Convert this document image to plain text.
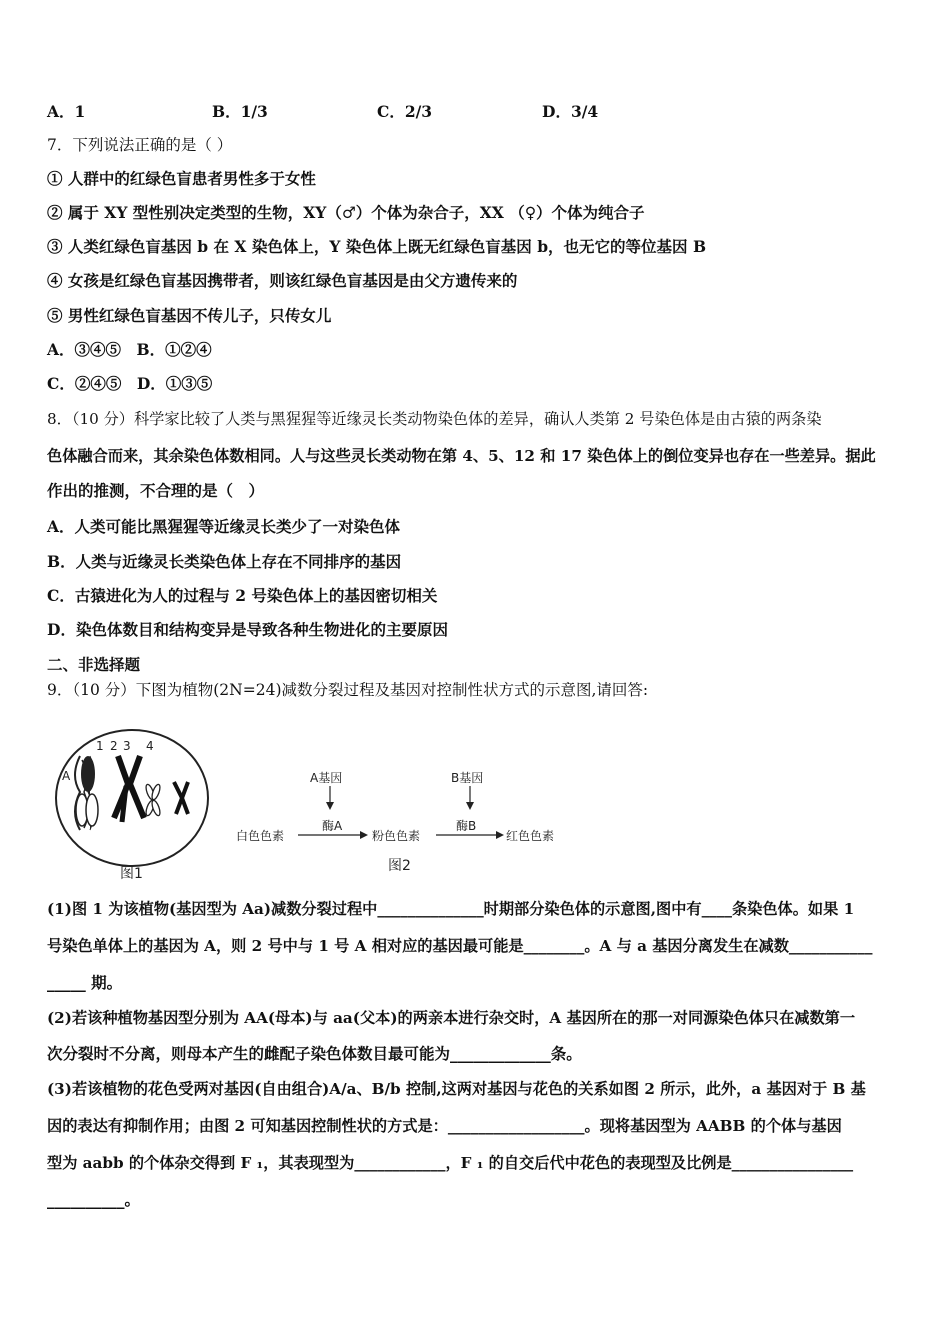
A．1	B．1/3	C．2/3	D．3/4
7．下列说法正确的是（ ）
① 人群中的红绿色盲患者男性多于女性
② 属于 XY 型性别决定类型的生物，XY（♂）个体为杂合子，XX （♀）个体为纯合子
③ 人类红绿色盲基因 b 在 X 染色体上，Y 染色体上既无红绿色盲基因 b，也无它的等位基因 B
④ 女孩是红绿色盲基因携带者，则该红绿色盲基因是由父方遗传来的
⑤ 男性红绿色盲基因不传儿子，只传女儿
A．③④⑤　B．①②④
C．②④⑤　D．①③⑤
8．（10 分）科学家比较了人类与黑猩猩等近缘灵长类动物染色体的差异，确认人类第 2 号染色体是由古猿的两条染
色体融合而来，其余染色体数相同。人与这些灵长类动物在第 4、5、12 和 17 染色体上的倒位变异也存在一些差异。据此
作出的推测，不合理的是（　）
A．人类可能比黑猩猩等近缘灵长类少了一对染色体
B．人类与近缘灵长类染色体上存在不同排序的基因
C．古猿进化为人的过程与 2 号染色体上的基因密切相关
D．染色体数目和结构变异是导致各种生物进化的主要原因
二、非选择题
9．（10 分）下图为植物(2N=24)减数分裂过程及基因对控制性状方式的示意图,请回答:
1 2 3 4
A
图1
A基因
酶A
B基因
酶B
白色色素	粉色色素	红色色素
图2
(1)图 1 为该植物(基因型为 Aa)减数分裂过程中______________时期部分染色体的示意图,图中有____条染色体。如果 1
号染色单体上的基因为 A，则 2 号中与 1 号 A 相对应的基因最可能是________。A 与 a 基因分离发生在减数___________
_____ 期。
(2)若该种植物基因型分别为 AA(母本)与 aa(父本)的两亲本进行杂交时，A 基因所在的那一对同源染色体只在减数第一
次分裂时不分离，则母本产生的雌配子染色体数目最可能为_____________条。
(3)若该植物的花色受两对基因(自由组合)A/a、B/b 控制,这两对基因与花色的关系如图 2 所示，此外，a 基因对于 B 基
因的表达有抑制作用；由图 2 可知基因控制性状的方式是：__________________。现将基因型为 AABB 的个体与基因
型为 aabb 的个体杂交得到 F ₁，其表现型为____________，F ₁ 的自交后代中花色的表现型及比例是________________
__________。
